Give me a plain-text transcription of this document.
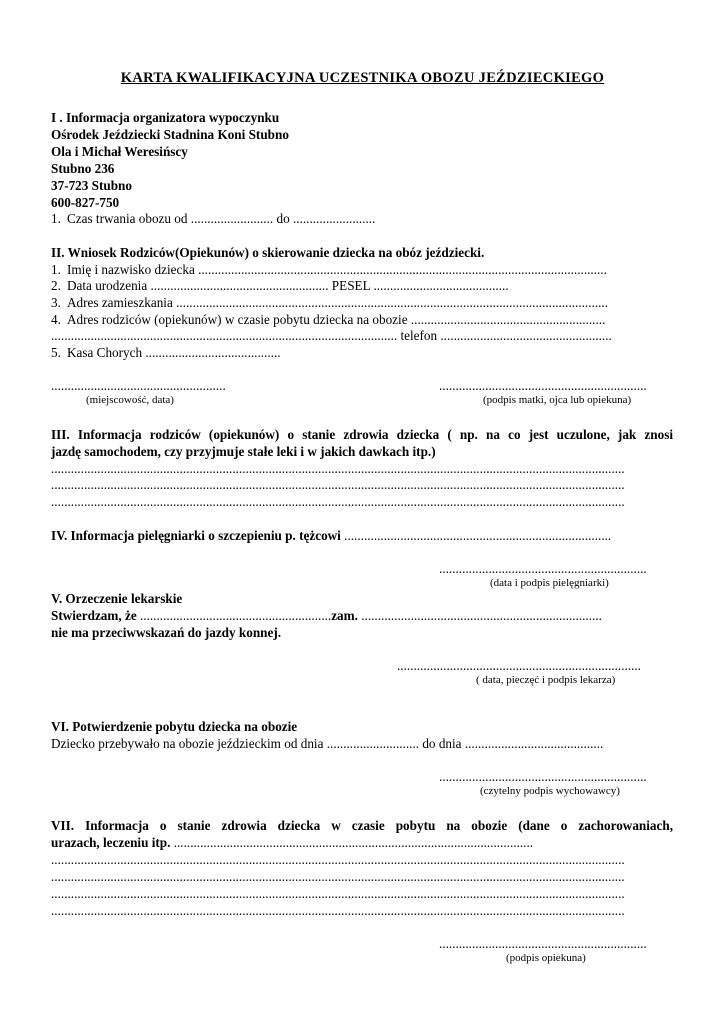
KARTA KWALIFIKACYJNA UCZESTNIKA OBOZU JEŹDZIECKIEGO
I . Informacja organizatora wypoczynku
Ośrodek Jeździecki Stadnina Koni Stubno
Ola i Michał Weresińscy
Stubno 236
37-723 Stubno
600-827-750
1. Czas trwania obozu od ......................... do .........................
II. Wniosek Rodziców(Opiekunów) o skierowanie dziecka na obóz jeździecki.
1. Imię i nazwisko dziecka ............................................................................................................................
2. Data urodzenia ...................................................... PESEL .........................................
3. Adres zamieszkania ...................................................................................................................................
4. Adres rodziców (opiekunów) w czasie pobytu dziecka na obozie ...........................................................
......................................................................................................... telefon ....................................................
5. Kasa Chorych .........................................
.....................................................
(miejscowość, data)
...............................................................
(podpis matki, ojca lub opiekuna)
III. Informacja rodziców (opiekunów) o stanie zdrowia dziecka ( np. na co jest uczulone, jak znosi
jazdę samochodem, czy przyjmuje stałe leki i w jakich dawkach itp.)
..............................................................................................................................................................................
..............................................................................................................................................................................
..............................................................................................................................................................................
IV. Informacja pielęgniarki o szczepieniu p. tężcowi .................................................................................
...............................................................
(data i podpis pielęgniarki)
V. Orzeczenie lekarskie
Stwierdzam, że ..........................................................zam. .........................................................................
nie ma przeciwwskazań do jazdy konnej.
..........................................................................
( data, pieczęć i podpis lekarza)
VI. Potwierdzenie pobytu dziecka na obozie
Dziecko przebywało na obozie jeździeckim od dnia ............................ do dnia ..........................................
...............................................................
(czytelny podpis wychowawcy)
VII. Informacja o stanie zdrowia dziecka w czasie pobytu na obozie (dane o zachorowaniach,
urazach, leczeniu itp. .............................................................................................................
..............................................................................................................................................................................
..............................................................................................................................................................................
..............................................................................................................................................................................
..............................................................................................................................................................................
...............................................................
(podpis opiekuna)
